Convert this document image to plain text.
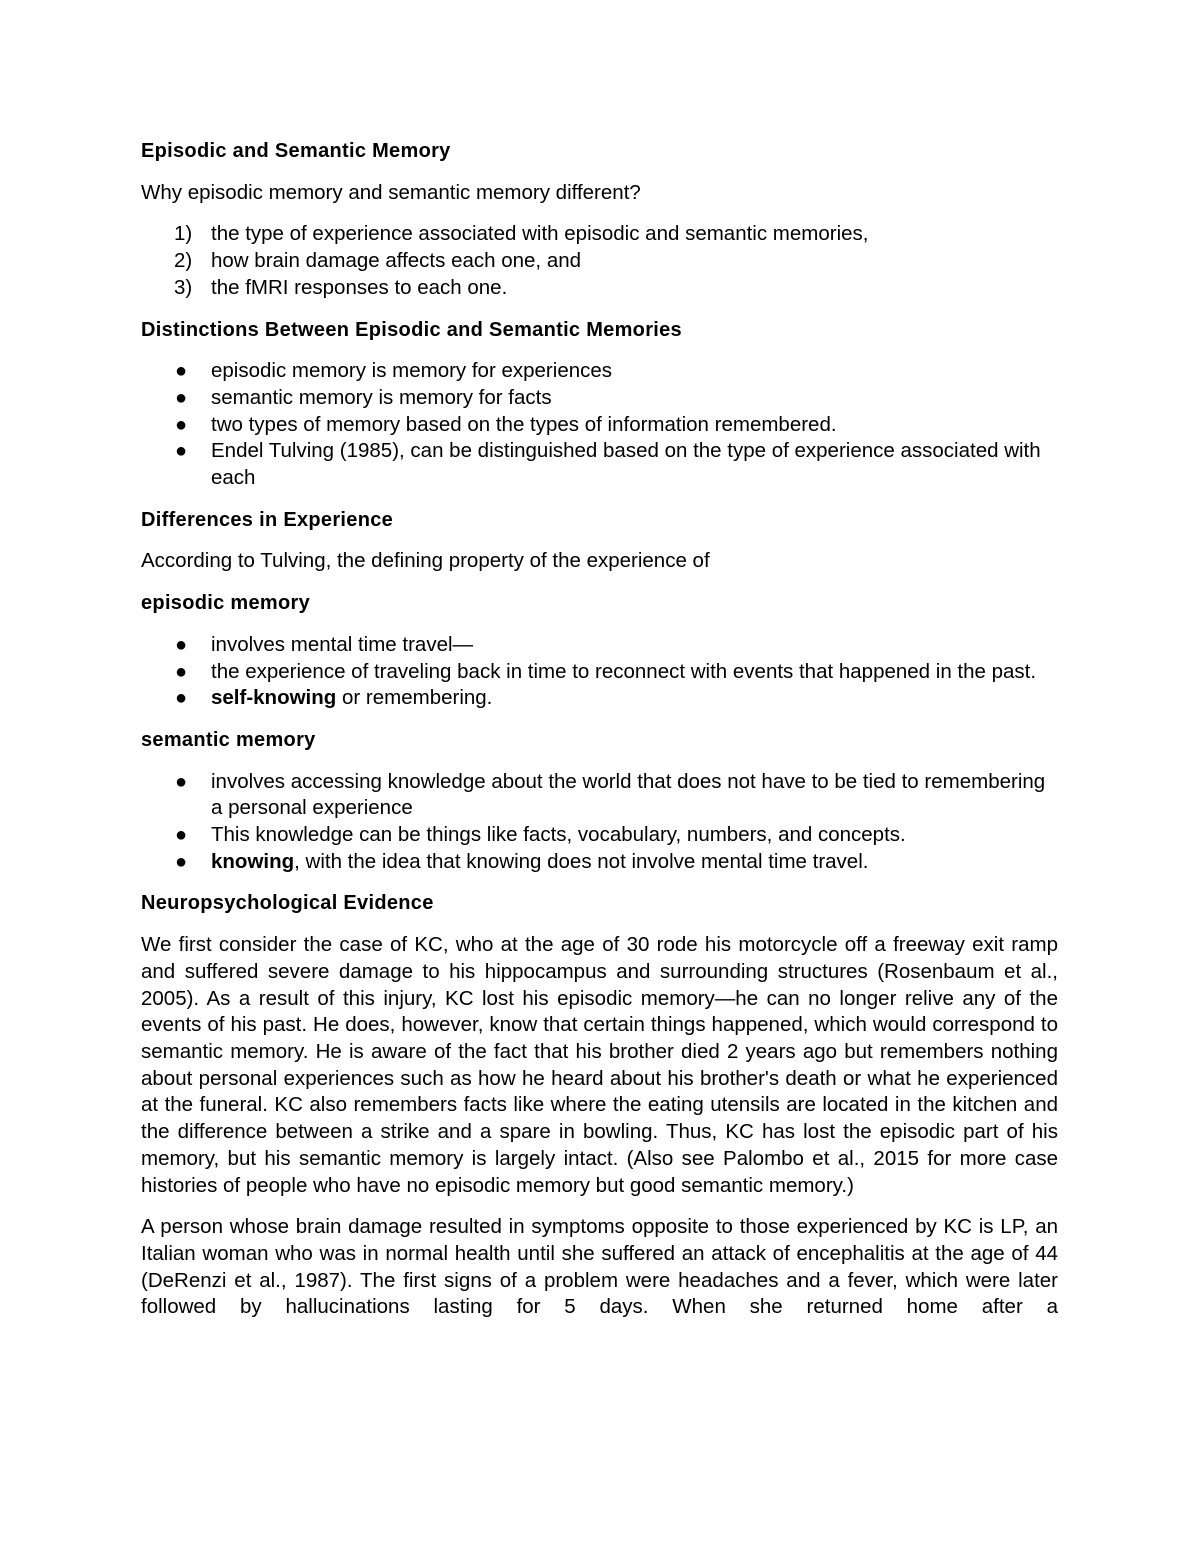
Episodic and Semantic Memory

Why episodic memory and semantic memory different?

1) the type of experience associated with episodic and semantic memories,
2) how brain damage affects each one, and
3) the fMRI responses to each one.
Distinctions Between Episodic and Semantic Memories
● episodic memory is memory for experiences
● semantic memory is memory for facts
● two types of memory based on the types of information remembered.
● Endel Tulving (1985), can be distinguished based on the type of experience associated with each
Differences in Experience

According to Tulving, the defining property of the experience of

episodic memory
● involves mental time travel—
● the experience of traveling back in time to reconnect with events that happened in the past.
● self-knowing or remembering.
semantic memory
● involves accessing knowledge about the world that does not have to be tied to remembering a personal experience
● This knowledge can be things like facts, vocabulary, numbers, and concepts.
● knowing, with the idea that knowing does not involve mental time travel.
Neuropsychological Evidence

We first consider the case of KC, who at the age of 30 rode his motorcycle off a freeway exit ramp and suffered severe damage to his hippocampus and surrounding structures (Rosenbaum et al., 2005). As a result of this injury, KC lost his episodic memory—he can no longer relive any of the events of his past. He does, however, know that certain things happened, which would correspond to semantic memory. He is aware of the fact that his brother died 2 years ago but remembers nothing about personal experiences such as how he heard about his brother's death or what he experienced at the funeral. KC also remembers facts like where the eating utensils are located in the kitchen and the difference between a strike and a spare in bowling. Thus, KC has lost the episodic part of his memory, but his semantic memory is largely intact. (Also see Palombo et al., 2015 for more case histories of people who have no episodic memory but good semantic memory.)

A person whose brain damage resulted in symptoms opposite to those experienced by KC is LP, an Italian woman who was in normal health until she suffered an attack of encephalitis at the age of 44 (DeRenzi et al., 1987). The first signs of a problem were headaches and a fever, which were later followed by hallucinations lasting for 5 days. When she returned home after a
